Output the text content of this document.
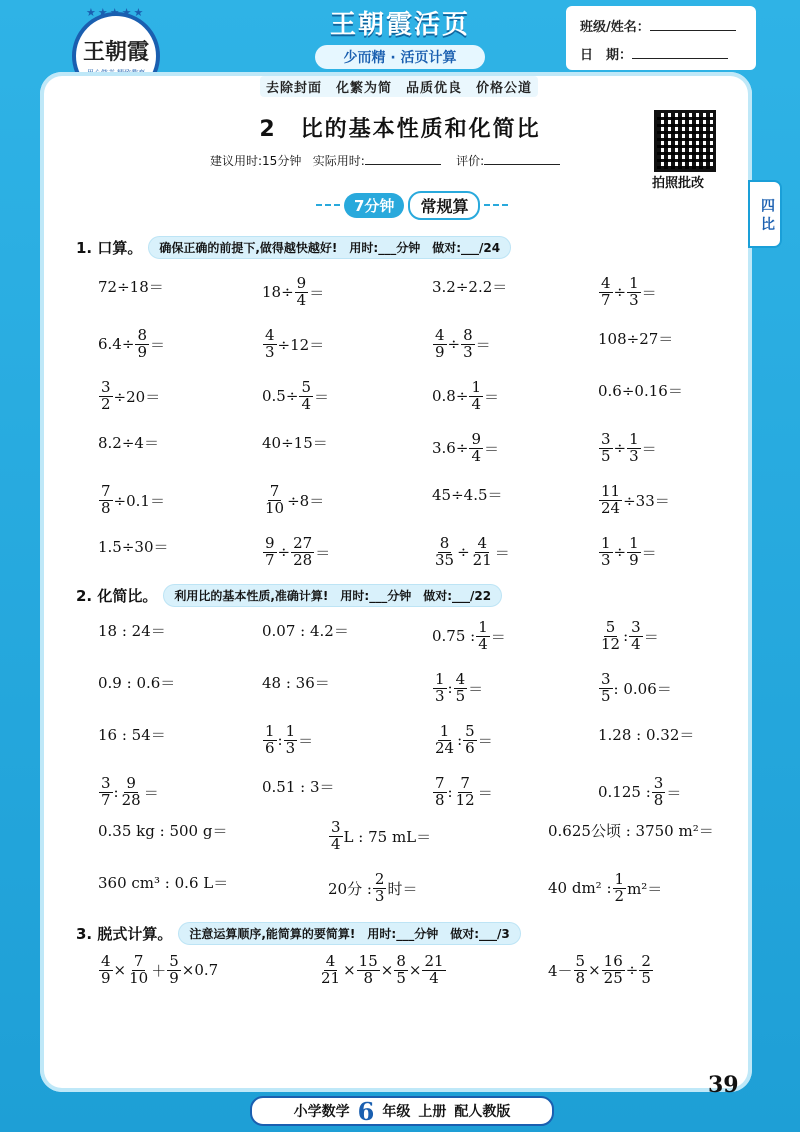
★★★★★
王朝霞
王朝霞活页
少而精 · 活页计算
班级/姓名：
日　期：
去除封面　化繁为简　品质优良　价格公道
2　比的基本性质和化简比
建议用时:15分钟 实际用时:	评价:
拍照批改
四 比
7分钟	常规算
1. 口算。	确保正确的前提下,做得越快越好!　用时:___分钟　做对:___/24
72÷18＝	$18\div \frac{9}{4}$ ＝	3.2÷2.2＝	$\frac{4}{7} \div \frac{1}{3}$ ＝
$6.4\div \frac{8}{9}$ ＝	$\frac{4}{3} \div 12=$	$\frac{4}{9} \div \frac{8}{3}$ ＝	108÷27＝
$\frac{3}{2} \div 20=$	$0.5\div \frac{5}{4}$ ＝	$0.8\div \frac{1}{4}$ ＝	0.6÷0.16＝
8.2÷4＝	40÷15＝	$3.6\div \frac{9}{4}$ ＝	$\frac{3}{5} \div \frac{1}{3}$ ＝
$\frac{7}{8} \div 0.1=$	$\frac{7}{10} \div 8=$	45÷4.5＝	$\frac{11}{24} \div 33=$
1.5÷30＝	$\frac{9}{7} \div \frac{27}{28}$ ＝	$\frac{8}{35} \div \frac{4}{21}$ ＝	$\frac{1}{3} \div \frac{1}{9}$ ＝
2. 化简比。	利用比的基本性质,准确计算!　用时:___分钟　做对:___/22
18 : 24＝	0.07 : 4.2＝	0.75 : $\frac{1}{4}$ ＝	$\frac{5}{12}$ : $\frac{3}{4}$ ＝
0.9 : 0.6＝	48 : 36＝	$\frac{1}{3}$ : $\frac{4}{5}$ ＝	$\frac{3}{5}$ : 0.06＝
16 : 54＝	$\frac{1}{6}$ : $\frac{1}{3}$ ＝	$\frac{1}{24}$ : $\frac{5}{6}$ ＝	1.28 : 0.32＝
$\frac{3}{7}$ : $\frac{9}{28}$ ＝	0.51 : 3＝	$\frac{7}{8}$ : $\frac{7}{12}$ ＝	0.125 : $\frac{3}{8}$ ＝
0.35 kg : 500 g＝	$\frac{3}{4}$ L : 75 mL＝	0.625公顷 : 3750 m²＝
360 cm³ : 0.6 L＝	20分 : $\frac{2}{3}$ 时＝	40 dm² : $\frac{1}{2} m^2=$
3. 脱式计算。	注意运算顺序,能简算的要简算!　用时:___分钟　做对:___/3
$\frac{4}{9} \times \frac{7}{10} + \frac{5}{9} \times 0.7$	$\frac{4}{21} \times \frac{15}{8} \times \frac{8}{5} \times \frac{21}{4}$	$4- \frac{5}{8} \times \frac{16}{25} \div \frac{2}{5}$
39
小学数学 6 年级 上册 配人教版
